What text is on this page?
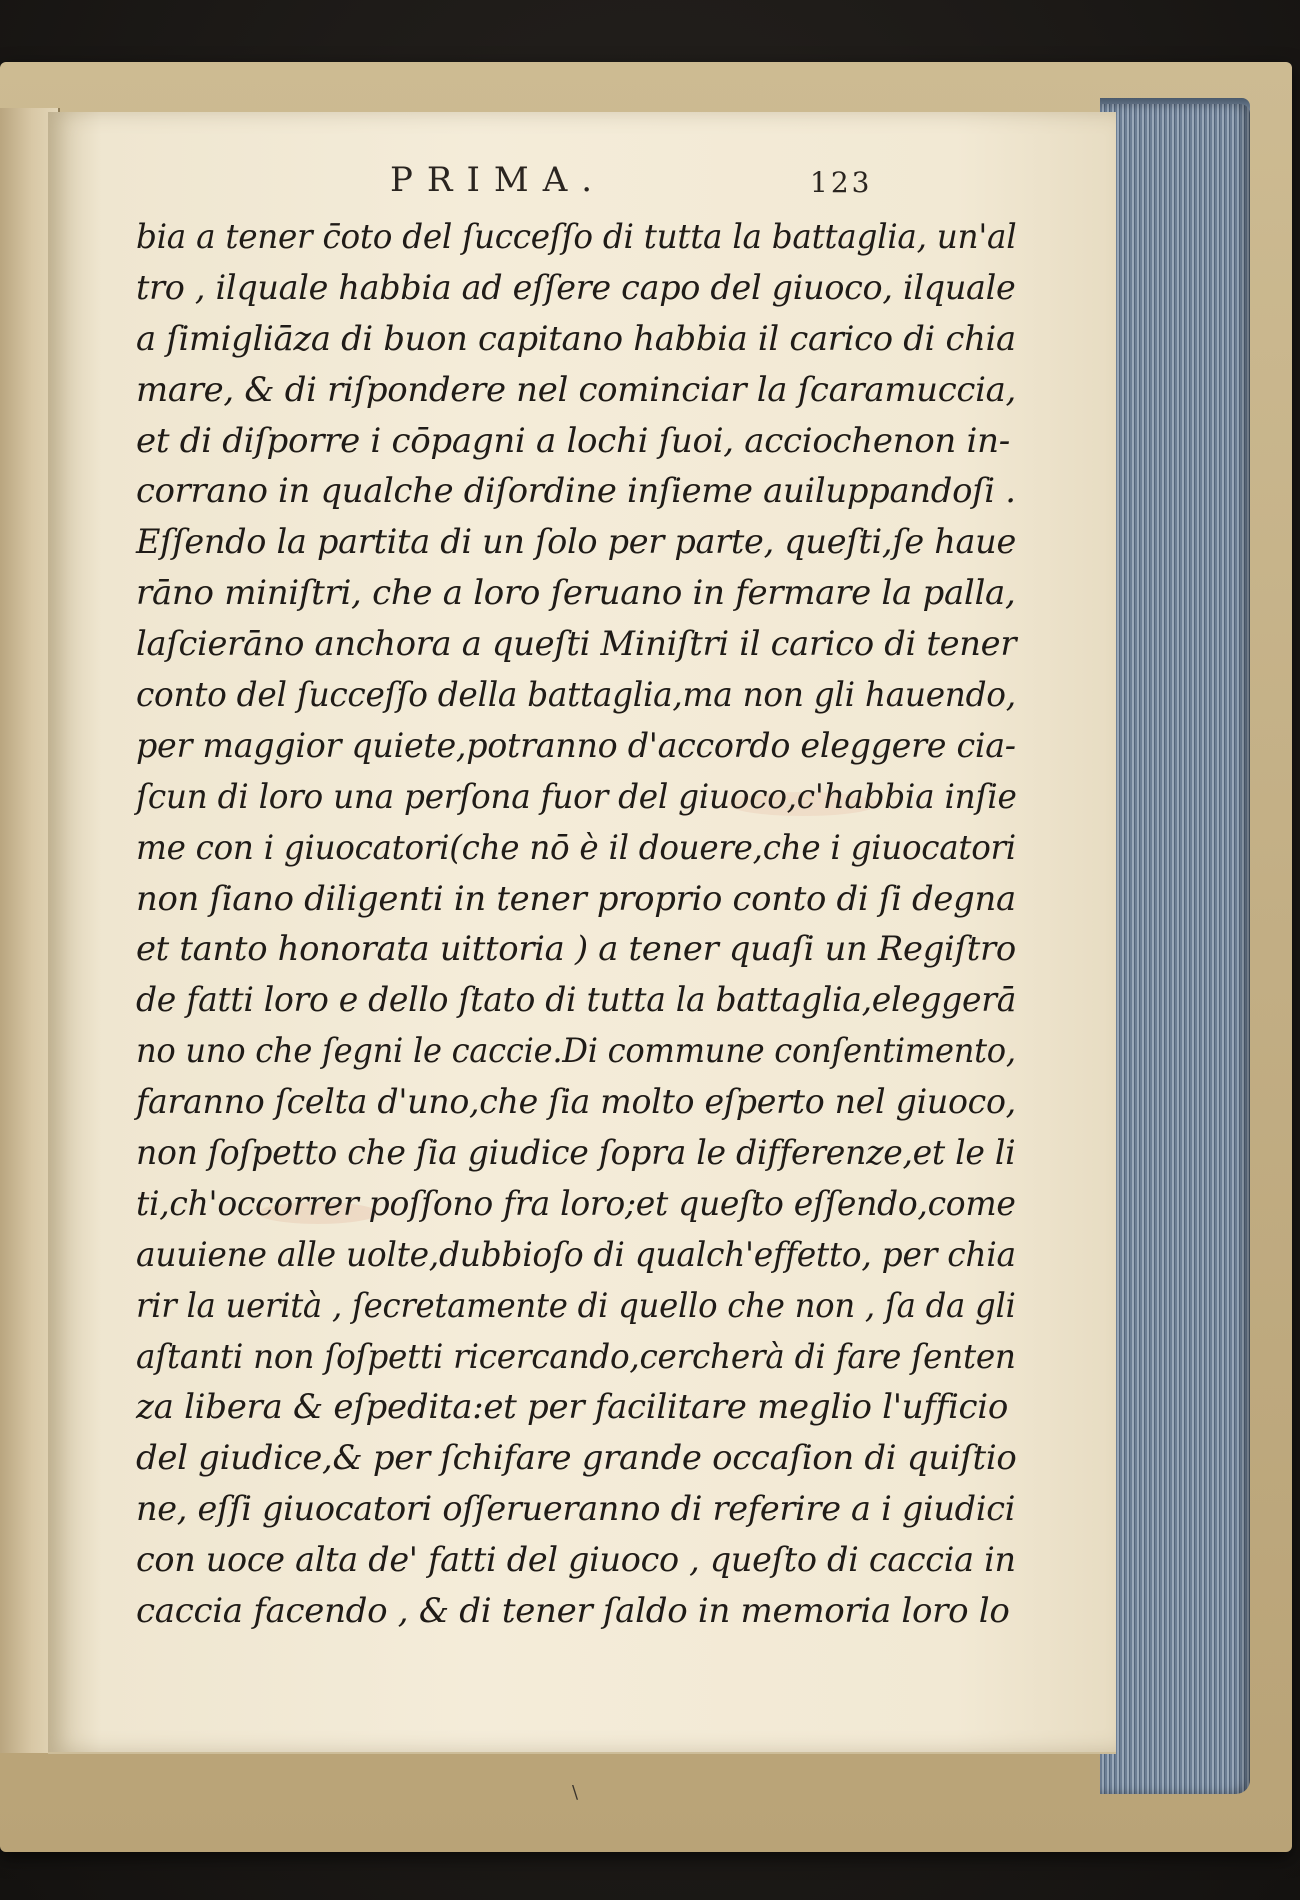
PRIMA.	123
bia a tener c̄oto del ſucceſſo di tutta la battaglia, un'al
tro , ilquale habbia ad eſſere capo del giuoco, ilquale
a ſimigliā̄za di buon capitano habbia il carico di chia
mare, & di riſpondere nel cominciar la ſcaramuccia,
et di diſporre i cōpagni a lochi ſuoi, acciochenon in-
corrano in qualche diſordine inſieme auiluppandoſi .
Eſſendo la partita di un ſolo per parte, queſti,ſe haue
rāno miniſtri, che a loro ſeruano in fermare la palla,
laſcierāno anchora a queſti Miniſtri il carico di tener
conto del ſucceſſo della battaglia,ma non gli hauendo,
per maggior quiete,potranno d'accordo eleggere cia-
ſcun di loro una perſona fuor del giuoco,c'habbia inſie
me con i giuocatori(che nō è il douere,che i giuocatori
non ſiano diligenti in tener proprio conto di ſi degna
et tanto honorata uittoria ) a tener quaſi un Regiſtro
de fatti loro e dello ſtato di tutta la battaglia,eleggerā
no uno che ſegni le caccie.Di commune conſentimento,
faranno ſcelta d'uno,che ſia molto eſperto nel giuoco,
non ſoſpetto che ſia giudice ſopra le differenze,et le li
ti,ch'occorrer poſſono fra loro;et queſto eſſendo,come
auuiene alle uolte,dubbioſo di qualch'effetto, per chia
rir la uerità , ſecretamente di quello che non , ſa da gli
aſtanti non ſoſpetti ricercando,cercherà di fare ſenten
za libera & eſpedita:et per facilitare meglio l'ufficio
del giudice,& per ſchifare grande occaſion di quiſtio
ne, eſſi giuocatori oſſerueranno di referire a i giudici
con uoce alta de' fatti del giuoco , queſto di caccia in
caccia facendo , & di tener ſaldo in memoria loro lo
\
